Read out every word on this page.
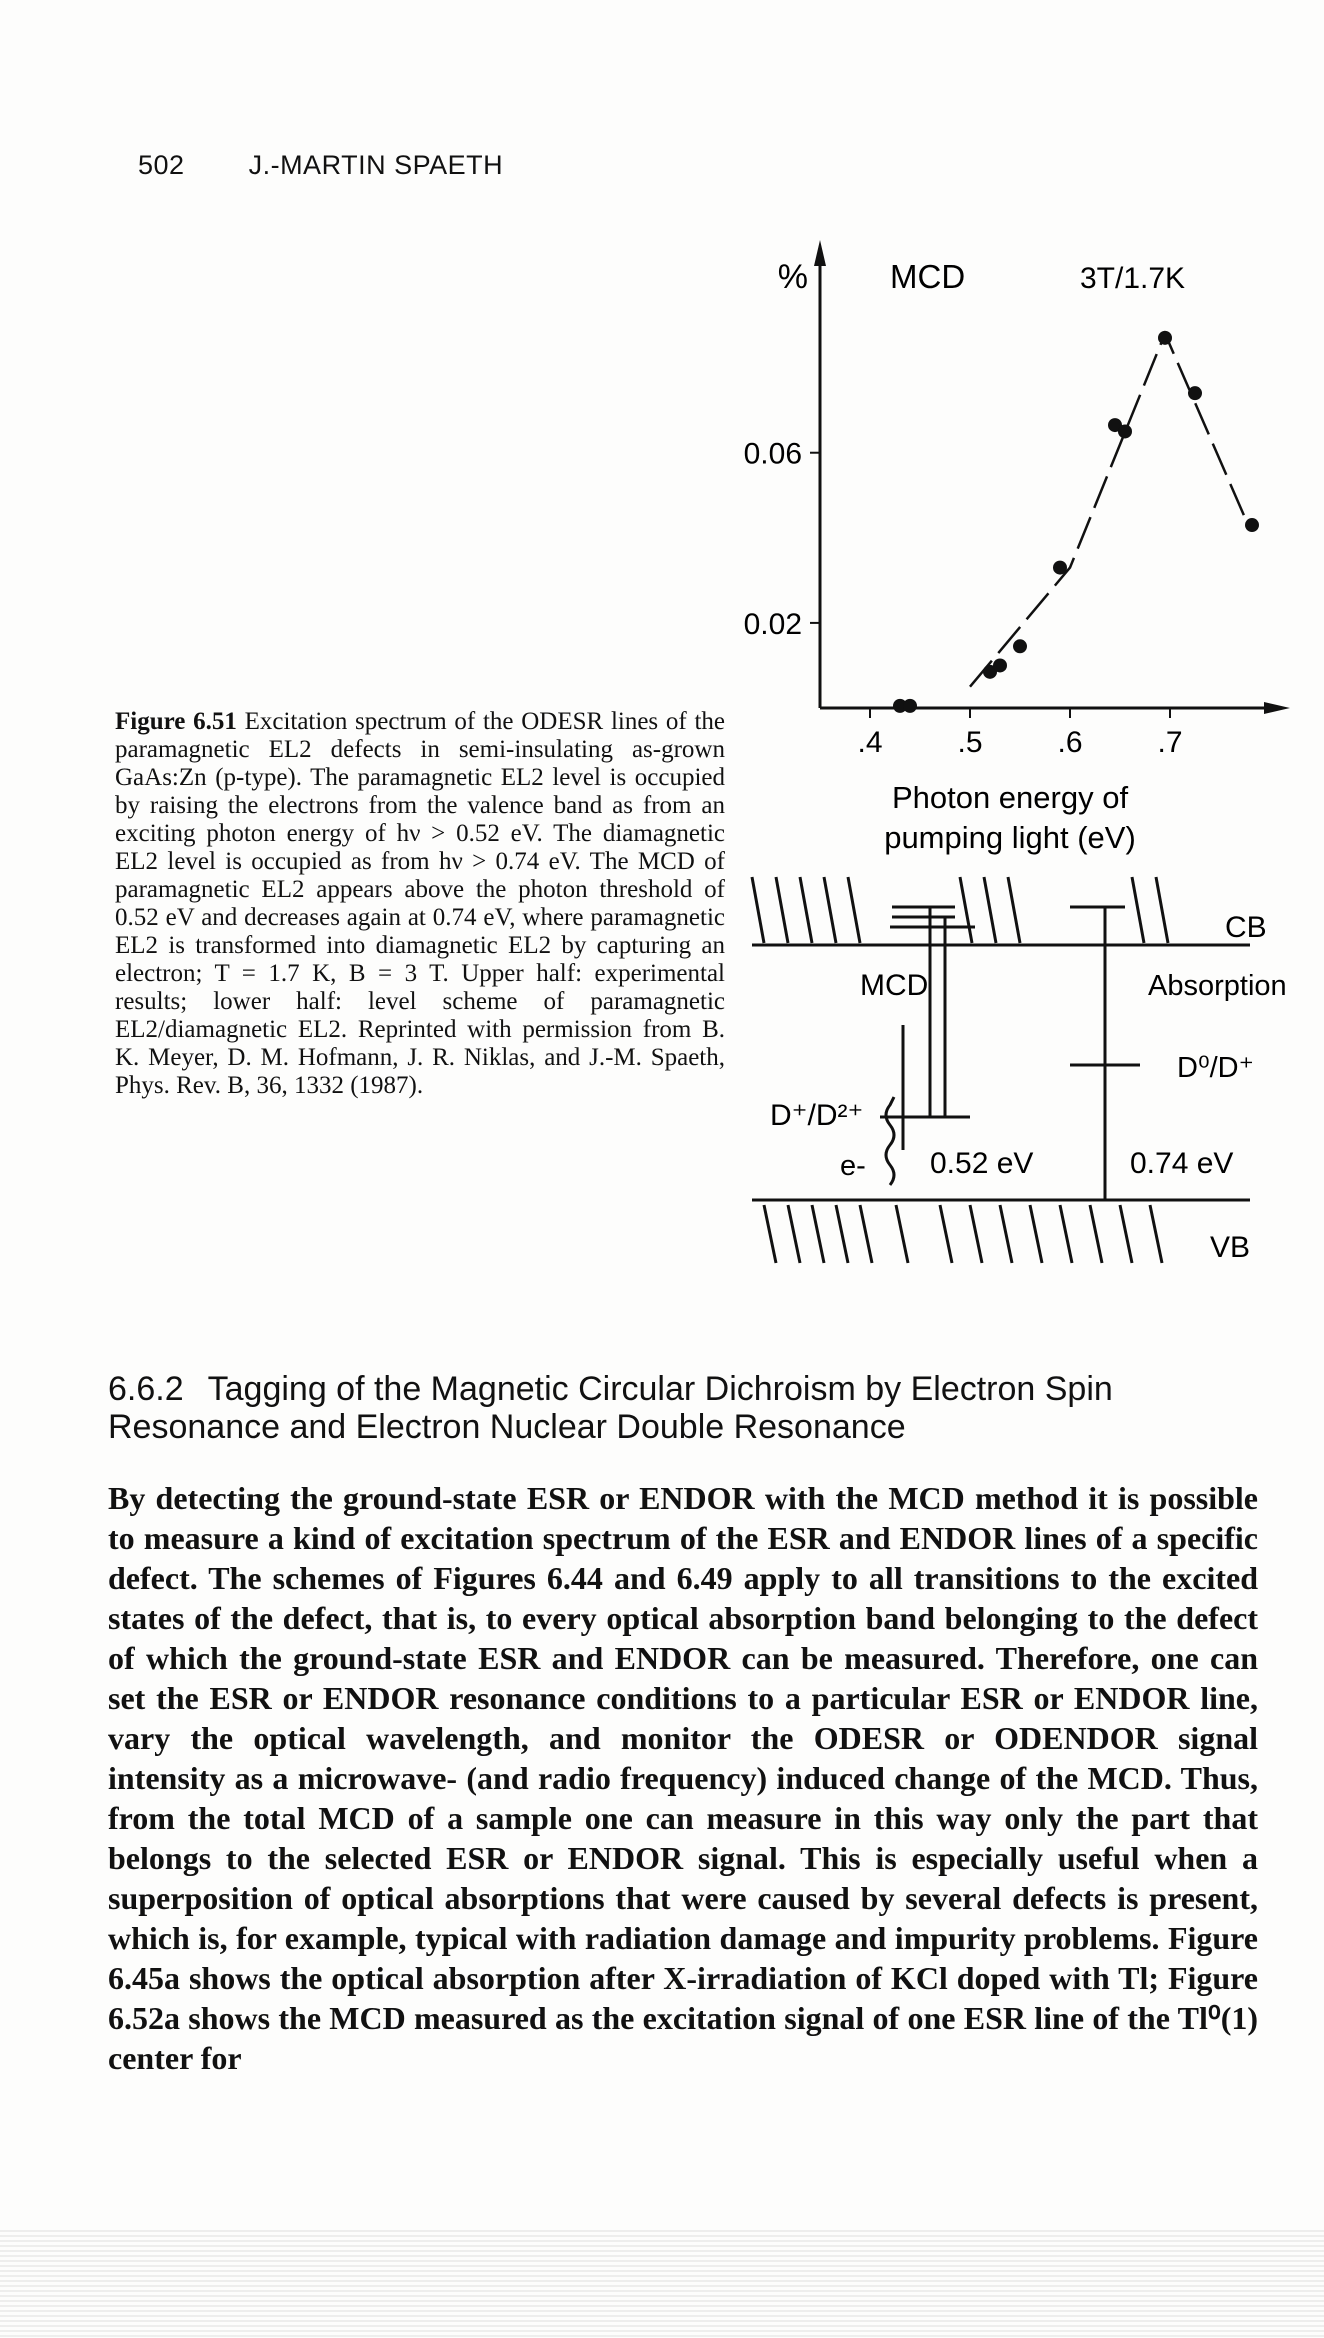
502 J.-MARTIN SPAETH
% MCD	3T/1.7K
.4 .5 .6 .7
0.02
0.06
Photon energy of
pumping light (eV)
Figure 6.51 Excitation spectrum of the ODESR lines of the paramagnetic EL2 defects in semi-insulating as-grown GaAs:Zn (p-type). The paramagnetic EL2 level is occupied by raising the electrons from the valence band as from an exciting photon energy of hν > 0.52 eV. The diamagnetic EL2 level is occupied as from hν > 0.74 eV. The MCD of paramagnetic EL2 appears above the photon threshold of 0.52 eV and decreases again at 0.74 eV, where paramagnetic EL2 is transformed into diamagnetic EL2 by capturing an electron; T = 1.7 K, B = 3 T. Upper half: experimental results; lower half: level scheme of paramagnetic EL2/diamagnetic EL2. Reprinted with permission from B. K. Meyer, D. M. Hofmann, J. R. Niklas, and J.-M. Spaeth, Phys. Rev. B, 36, 1332 (1987).
CB
MCD	Absorption
D⁰/D⁺
D⁺/D²⁺
e- 0.52 eV	0.74 eV
VB
6.6.2 Tagging of the Magnetic Circular Dichroism by Electron Spin Resonance and Electron Nuclear Double Resonance

By detecting the ground-state ESR or ENDOR with the MCD method it is possible to measure a kind of excitation spectrum of the ESR and ENDOR lines of a specific defect. The schemes of Figures 6.44 and 6.49 apply to all transitions to the excited states of the defect, that is, to every optical absorption band belonging to the defect of which the ground-state ESR and ENDOR can be measured. Therefore, one can set the ESR or ENDOR resonance conditions to a particular ESR or ENDOR line, vary the optical wavelength, and monitor the ODESR or ODENDOR signal intensity as a microwave- (and radio frequency) induced change of the MCD. Thus, from the total MCD of a sample one can measure in this way only the part that belongs to the selected ESR or ENDOR signal. This is especially useful when a superposition of optical absorptions that were caused by several defects is present, which is, for example, typical with radiation damage and impurity problems. Figure 6.45a shows the optical absorption after X-irradiation of KCl doped with Tl; Figure 6.52a shows the MCD measured as the excitation signal of one ESR line of the Tl⁰(1) center for
